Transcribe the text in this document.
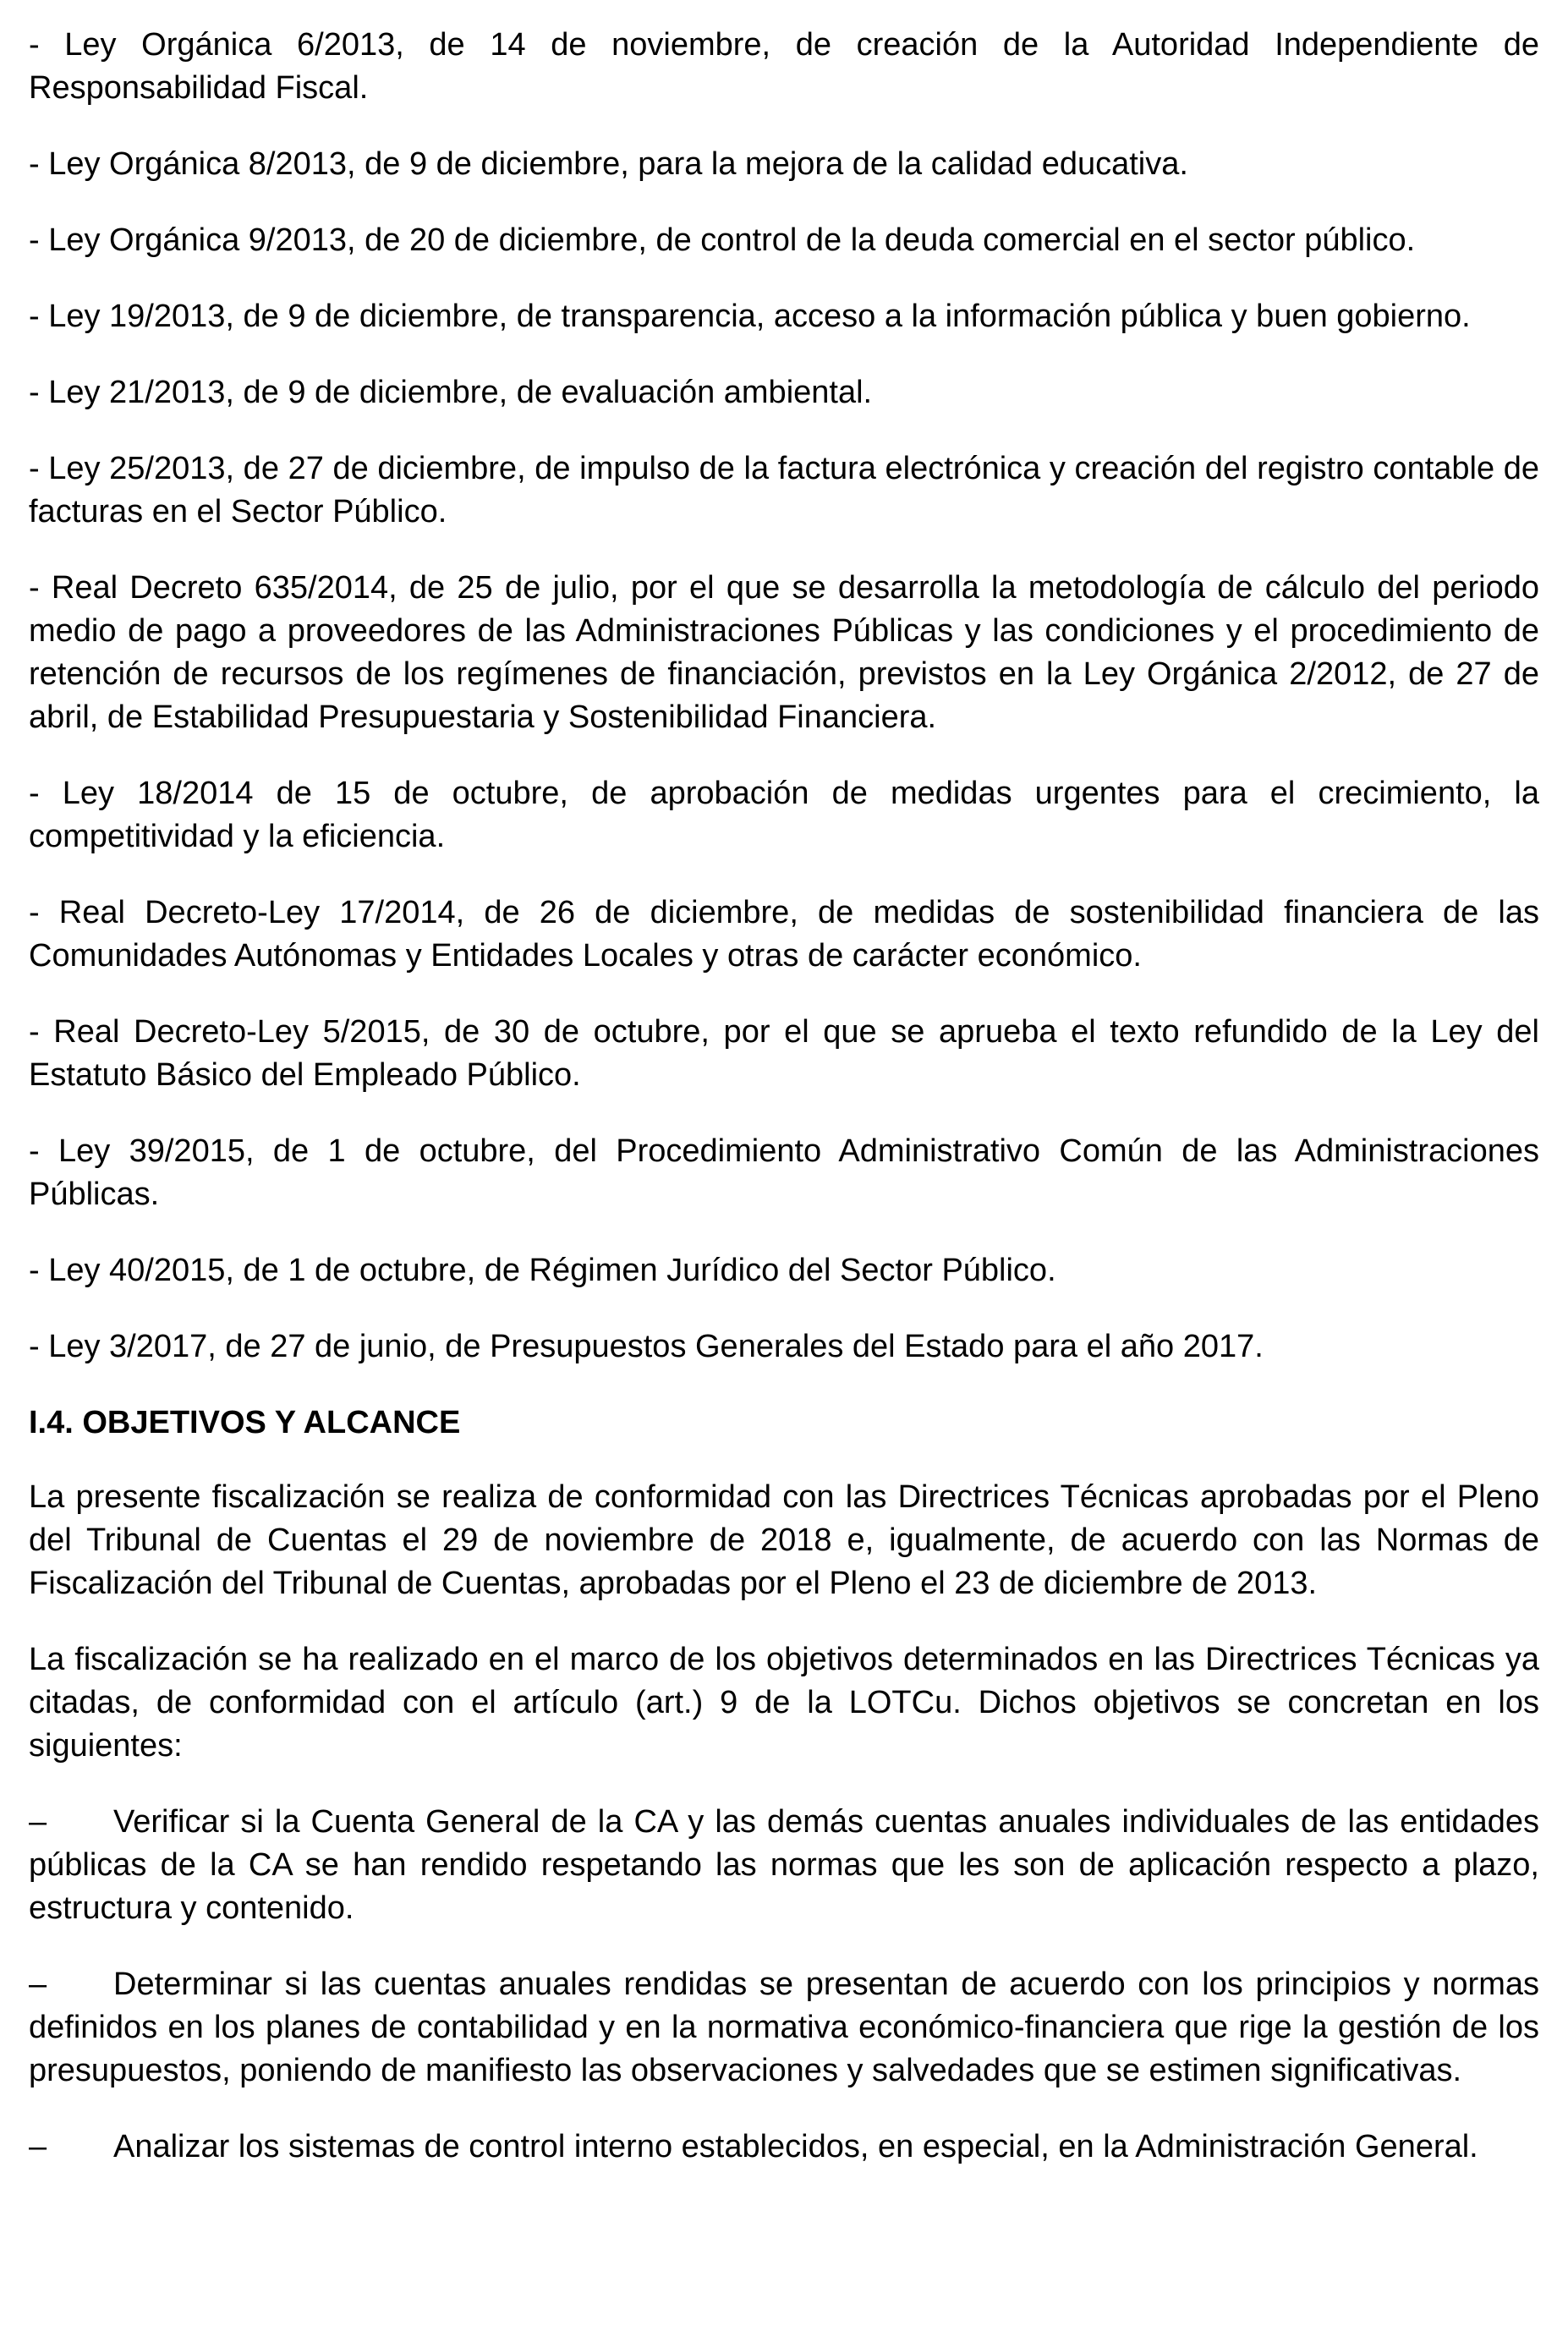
- Ley Orgánica 6/2013, de 14 de noviembre, de creación de la Autoridad Independiente de Responsabilidad Fiscal.

- Ley Orgánica 8/2013, de 9 de diciembre, para la mejora de la calidad educativa.

- Ley Orgánica 9/2013, de 20 de diciembre, de control de la deuda comercial en el sector público.

- Ley 19/2013, de 9 de diciembre, de transparencia, acceso a la información pública y buen gobierno.

- Ley 21/2013, de 9 de diciembre, de evaluación ambiental.

- Ley 25/2013, de 27 de diciembre, de impulso de la factura electrónica y creación del registro contable de facturas en el Sector Público.

- Real Decreto 635/2014, de 25 de julio, por el que se desarrolla la metodología de cálculo del periodo medio de pago a proveedores de las Administraciones Públicas y las condiciones y el procedimiento de retención de recursos de los regímenes de financiación, previstos en la Ley Orgánica 2/2012, de 27 de abril, de Estabilidad Presupuestaria y Sostenibilidad Financiera.

- Ley 18/2014 de 15 de octubre, de aprobación de medidas urgentes para el crecimiento, la competitividad y la eficiencia.

- Real Decreto-Ley 17/2014, de 26 de diciembre, de medidas de sostenibilidad financiera de las Comunidades Autónomas y Entidades Locales y otras de carácter económico.

- Real Decreto-Ley 5/2015, de 30 de octubre, por el que se aprueba el texto refundido de la Ley del Estatuto Básico del Empleado Público.

- Ley 39/2015, de 1 de octubre, del Procedimiento Administrativo Común de las Administraciones Públicas.

- Ley 40/2015, de 1 de octubre, de Régimen Jurídico del Sector Público.

- Ley 3/2017, de 27 de junio, de Presupuestos Generales del Estado para el año 2017.

I.4. OBJETIVOS Y ALCANCE

La presente fiscalización se realiza de conformidad con las Directrices Técnicas aprobadas por el Pleno del Tribunal de Cuentas el 29 de noviembre de 2018 e, igualmente, de acuerdo con las Normas de Fiscalización del Tribunal de Cuentas, aprobadas por el Pleno el 23 de diciembre de 2013.

La fiscalización se ha realizado en el marco de los objetivos determinados en las Directrices Técnicas ya citadas, de conformidad con el artículo (art.) 9 de la LOTCu. Dichos objetivos se concretan en los siguientes:

– Verificar si la Cuenta General de la CA y las demás cuentas anuales individuales de las entidades públicas de la CA se han rendido respetando las normas que les son de aplicación respecto a plazo, estructura y contenido.

– Determinar si las cuentas anuales rendidas se presentan de acuerdo con los principios y normas definidos en los planes de contabilidad y en la normativa económico-financiera que rige la gestión de los presupuestos, poniendo de manifiesto las observaciones y salvedades que se estimen significativas.

– Analizar los sistemas de control interno establecidos, en especial, en la Administración General.
